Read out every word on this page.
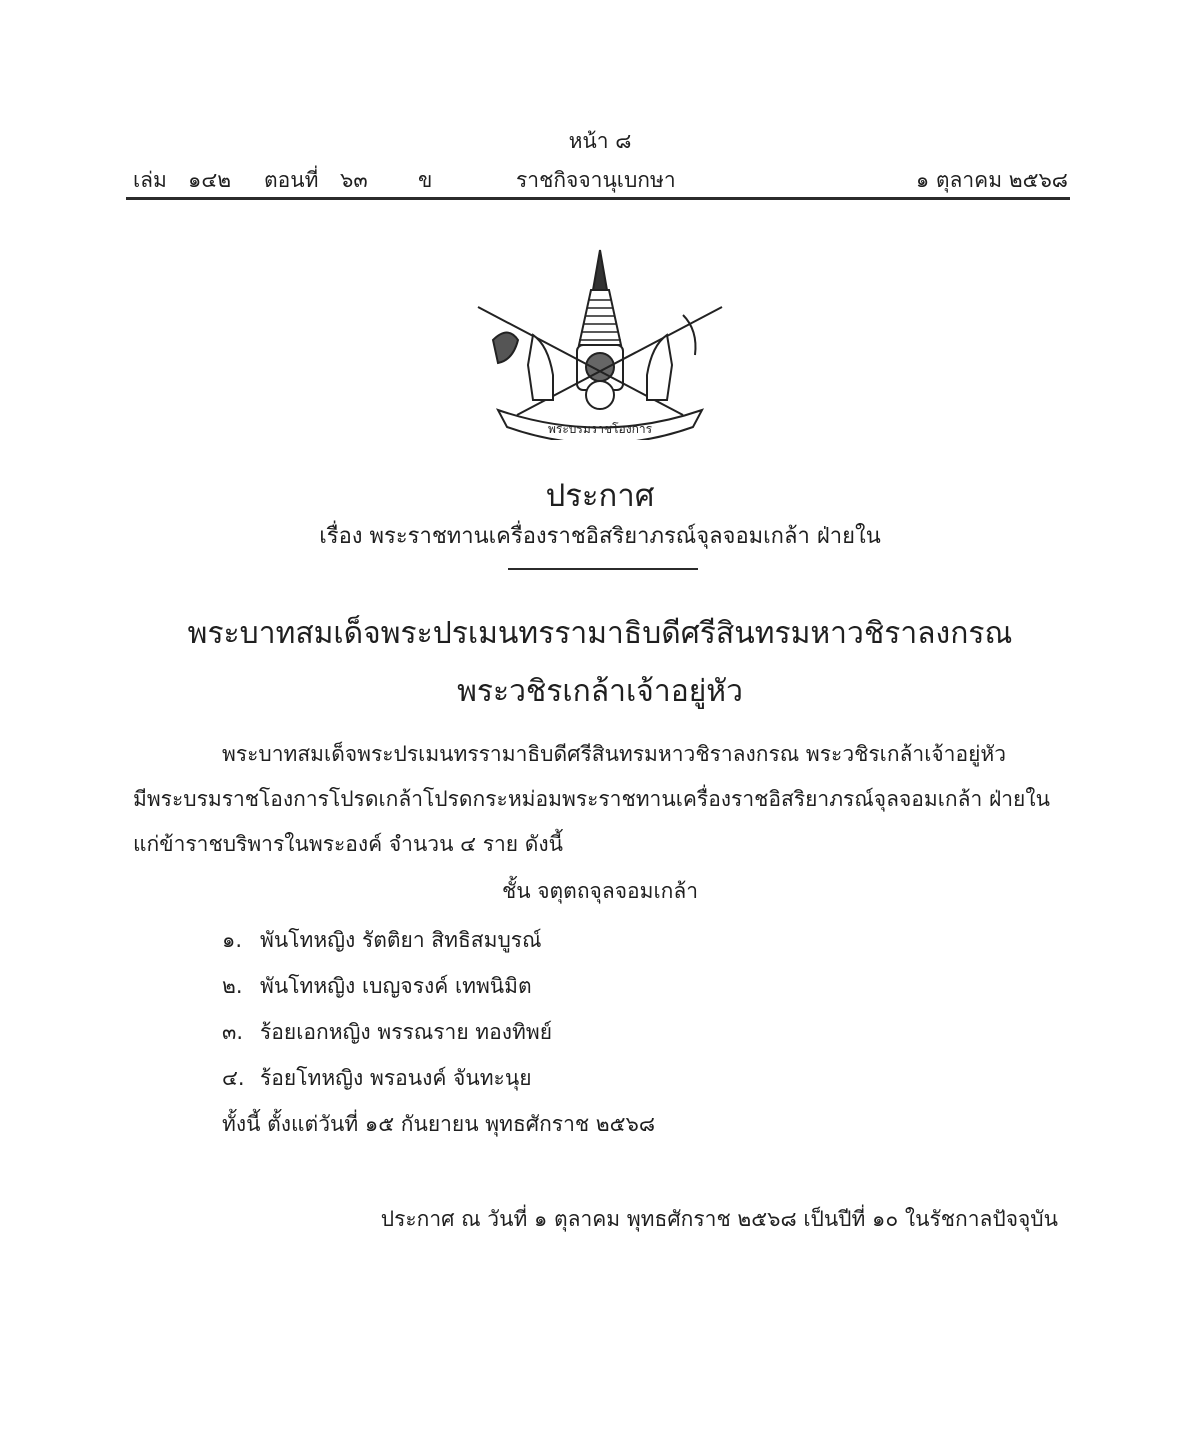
หน้า ๘
เล่ม ๑๔๒ ตอนที่ ๖๓ ข	ราชกิจจานุเบกษา	๑ ตุลาคม ๒๕๖๘
พระบรมราชโองการ
ประกาศ
เรื่อง พระราชทานเครื่องราชอิสริยาภรณ์จุลจอมเกล้า ฝ่ายใน
พระบาทสมเด็จพระปรเมนทรรามาธิบดีศรีสินทรมหาวชิราลงกรณ
พระวชิรเกล้าเจ้าอยู่หัว
พระบาทสมเด็จพระปรเมนทรรามาธิบดีศรีสินทรมหาวชิราลงกรณ พระวชิรเกล้าเจ้าอยู่หัว
มีพระบรมราชโองการโปรดเกล้าโปรดกระหม่อมพระราชทานเครื่องราชอิสริยาภรณ์จุลจอมเกล้า ฝ่ายใน
แก่ข้าราชบริพารในพระองค์ จำนวน ๔ ราย ดังนี้
ชั้น จตุตถจุลจอมเกล้า
๑. พันโทหญิง รัตติยา สิทธิสมบูรณ์
๒. พันโทหญิง เบญจรงค์ เทพนิมิต
๓. ร้อยเอกหญิง พรรณราย ทองทิพย์
๔. ร้อยโทหญิง พรอนงค์ จันทะนุย
ทั้งนี้ ตั้งแต่วันที่ ๑๕ กันยายน พุทธศักราช ๒๕๖๘
ประกาศ ณ วันที่ ๑ ตุลาคม พุทธศักราช ๒๕๖๘ เป็นปีที่ ๑๐ ในรัชกาลปัจจุบัน
